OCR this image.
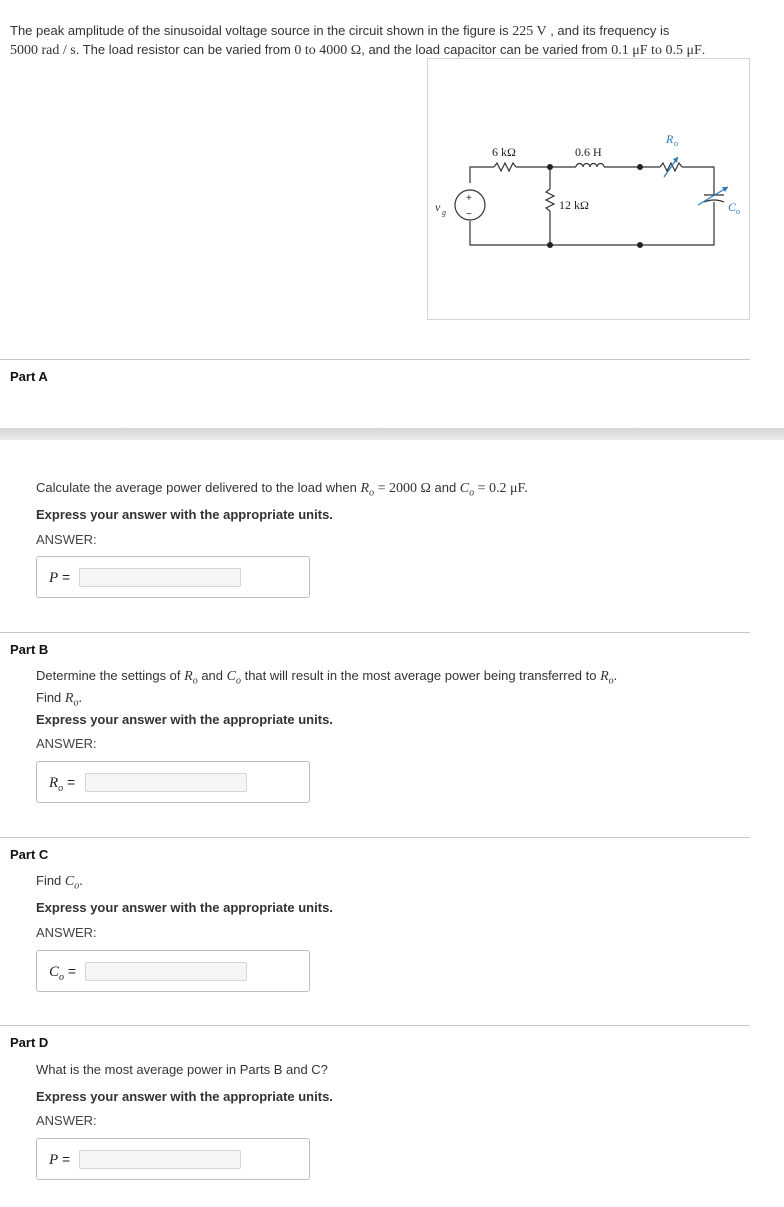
The peak amplitude of the sinusoidal voltage source in the circuit shown in the figure is 225 V , and its frequency is
5000 rad / s. The load resistor can be varied from 0 to 4000 Ω, and the load capacitor can be varied from 0.1 μF to 0.5 μF.
6 kΩ	0.6 H
12 kΩ
R o
C o
v g
+
−
Part A
Calculate the average power delivered to the load when $R_o = 2000$ Ω and $C_o = 0.2$ μF.
Express your answer with the appropriate units.
ANSWER:
P =
Part B
Determine the settings of $R_o$ and $C_o$ that will result in the most average power being transferred to $R_o$.
Find $R_o$.
Express your answer with the appropriate units.
ANSWER:
$R_o$ =
Part C
Find $C_o$.
Express your answer with the appropriate units.
ANSWER:
$C_o$ =
Part D
What is the most average power in Parts B and C?
Express your answer with the appropriate units.
ANSWER:
P =
